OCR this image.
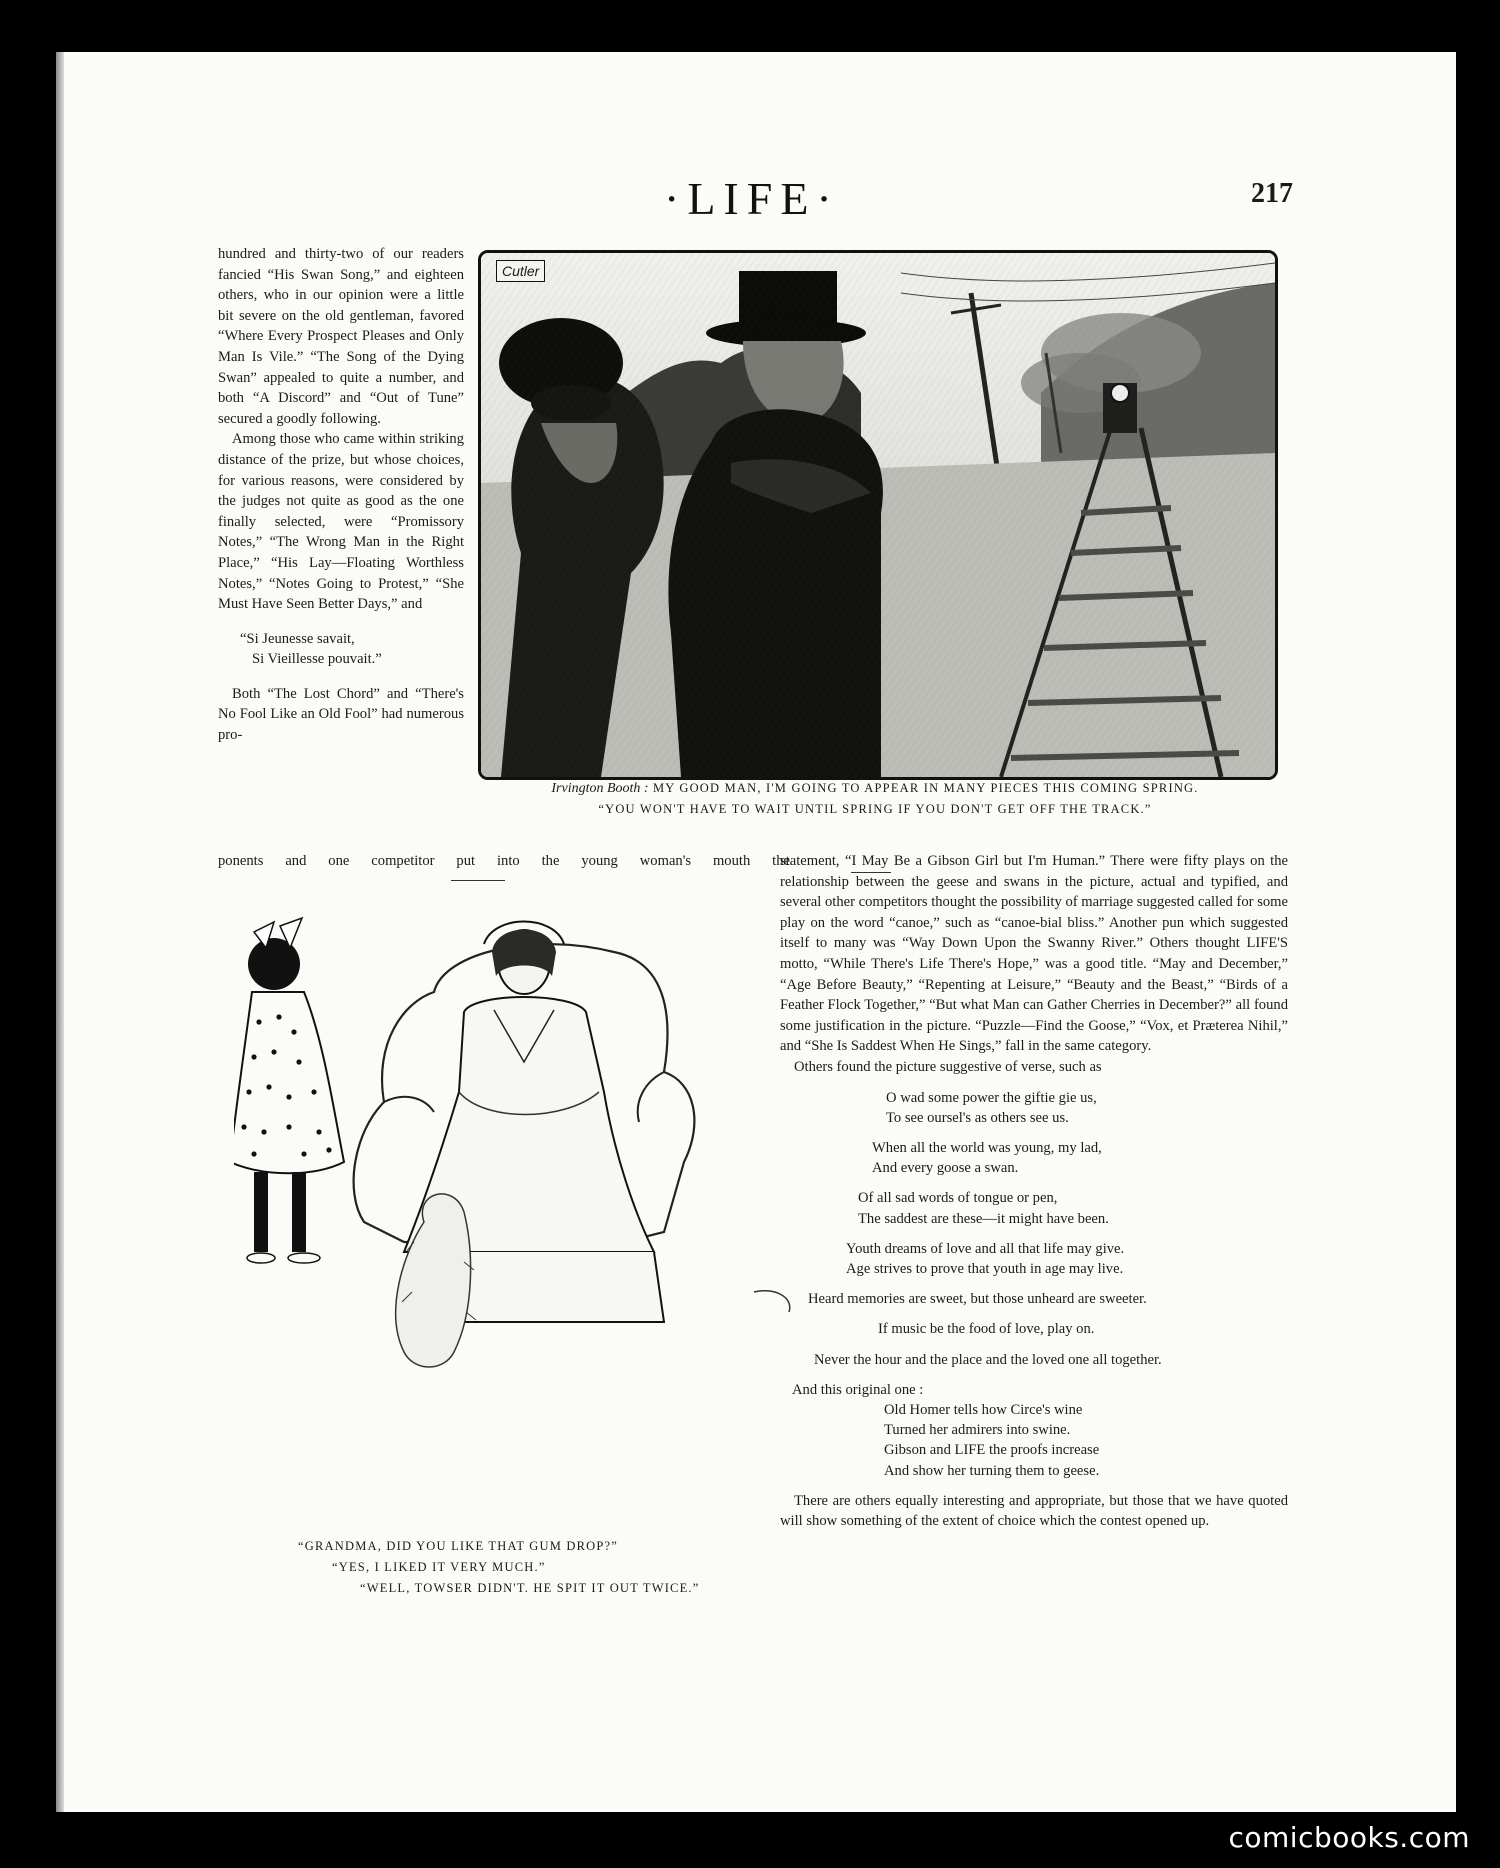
·LIFE·	217

hundred and thirty-two of our readers fancied “His Swan Song,” and eighteen others, who in our opinion were a little bit severe on the old gentleman, favored “Where Every Prospect Pleases and Only Man Is Vile.” “The Song of the Dying Swan” appealed to quite a number, and both “A Discord” and “Out of Tune” secured a goodly following.

Among those who came within striking distance of the prize, but whose choices, for various reasons, were considered by the judges not quite as good as the one finally selected, were “Promissory Notes,” “The Wrong Man in the Right Place,” “His Lay—Floating Worthless Notes,” “Notes Going to Protest,” “She Must Have Seen Better Days,” and

“Si Jeunesse savait,
Si Vieillesse pouvait.”

Both “The Lost Chord” and “There's No Fool Like an Old Fool” had numerous pro-

ponents and one competitor put into the young woman's mouth the
Cutler
Irvington Booth : MY GOOD MAN, I'M GOING TO APPEAR IN MANY PIECES THIS COMING SPRING.
“YOU WON'T HAVE TO WAIT UNTIL SPRING IF YOU DON'T GET OFF THE TRACK.”
“GRANDMA, DID YOU LIKE THAT GUM DROP?”
“YES, I LIKED IT VERY MUCH.”
“WELL, TOWSER DIDN'T. HE SPIT IT OUT TWICE.”

statement, “I May Be a Gibson Girl but I'm Human.” There were fifty plays on the relationship between the geese and swans in the picture, actual and typified, and several other competitors thought the possibility of marriage suggested called for some play on the word “canoe,” such as “canoe-bial bliss.” Another pun which suggested itself to many was “Way Down Upon the Swanny River.” Others thought LIFE'S motto, “While There's Life There's Hope,” was a good title. “May and December,” “Age Before Beauty,” “Repenting at Leisure,” “Beauty and the Beast,” “Birds of a Feather Flock Together,” “But what Man can Gather Cherries in December?” all found some justification in the picture. “Puzzle—Find the Goose,” “Vox, et Præterea Nihil,” and “She Is Saddest When He Sings,” fall in the same category.

Others found the picture suggestive of verse, such as

O wad some power the giftie gie us,
To see oursel's as others see us.
When all the world was young, my lad,
And every goose a swan.
Of all sad words of tongue or pen,
The saddest are these—it might have been.
Youth dreams of love and all that life may give.
Age strives to prove that youth in age may live.
Heard memories are sweet, but those unheard are sweeter.
If music be the food of love, play on.
Never the hour and the place and the loved one all together.
And this original one :
Old Homer tells how Circe's wine
Turned her admirers into swine.
Gibson and LIFE the proofs increase
And show her turning them to geese.

There are others equally interesting and appropriate, but those that we have quoted will show something of the extent of choice which the contest opened up.

comicbooks.com
